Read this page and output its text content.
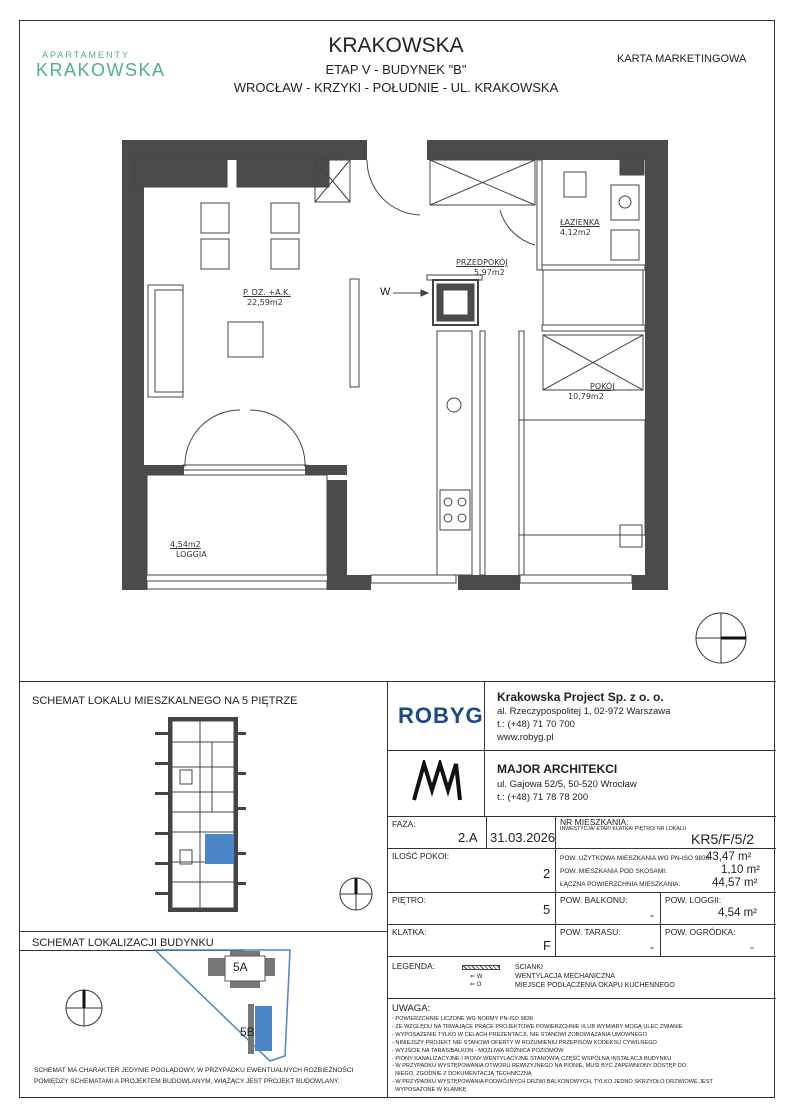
APARTAMENTY
KRAKOWSKA
KRAKOWSKA
ETAP V - BUDYNEK "B"
WROCŁAW - KRZYKI - POŁUDNIE - UL. KRAKOWSKA
KARTA MARKETINGOWA
W
P. DZ. +A.K.
22,59m2
ŁAZIENKA
4,12m2
PRZEDPOKÓJ
5,97m2
POKÓJ
10,79m2
4,54m2
LOGGIA
SCHEMAT LOKALU MIESZKALNEGO NA 5 PIĘTRZE
SCHEMAT LOKALIZACJI BUDYNKU
5A
5B
SCHEMAT MA CHARAKTER JEDYNIE POGLĄDOWY, W PRZYPADKU EWENTUALNYCH ROZBIEŻNOŚCI
POMIĘDZY SCHEMATAMI A PROJEKTEM BUDOWLANYM, WIĄŻĄCY JEST PROJEKT BUDOWLANY.
ROBYG
Krakowska Project Sp. z o. o.
al. Rzeczypospolitej 1, 02-972 Warszawa
t.: (+48) 71 70 700
www.robyg.pl
MAJOR ARCHITEKCI
ul. Gajowa 52/5, 50-520 Wrocław
t.: (+48) 71 78 78 200
FAZA:
2.A 31.03.2026
NR MIESZKANIA:
INWESTYCJA/ ETAP/ KLATKA/ PIĘTRO/ NR LOKALU
KR5/F/5/2
ILOŚĆ POKOI:
2
POW. UŻYTKOWA MIESZKANIA WG PN-ISO 9836:
43,47 m²
POW. MIESZKANIA POD SKOSAMI:	1,10 m²
ŁĄCZNA POWIERZCHNIA MIESZKANIA:	44,57 m²
PIĘTRO:
5
POW. BALKONU:
-
POW. LOGGII:
4,54 m²
KLATKA:
F
POW. TARASU:
-
POW. OGRÓDKA:
-
LEGENDA:
⇐ W
⇐ O
ŚCIANKI
WENTYLACJA MECHANICZNA
MIEJSCE PODŁĄCZENIA OKAPU KUCHENNEGO
UWAGA:
- POWIERZCHNIE LICZONE WG NORMY PN-ISO 9836
- ZE WZGLĘDU NA TRWAJĄCE PRACE PROJEKTOWE POWIERZCHNIE I/LUB WYMIARY MOGĄ ULEC ZMIANIE
- WYPOSAŻENIE TYLKO W CELACH PREZENTACJI, NIE STANOWI ZOBOWIĄZANIA UMOWNEGO
- NINIEJSZY PROJEKT NIE STANOWI OFERTY W ROZUMIENIU PRZEPISÓW KODEKSU CYWILNEGO
- WYJŚCIE NA TARAS/BALKON - MOŻLIWA RÓŻNICA POZIOMÓW
- PIONY KANALIZACYJNE I PIONY WENTYLACYJNE STANOWIĄ CZĘŚĆ WSPÓLNĄ INSTALACJI BUDYNKU
- W PRZYPADKU WYSTĘPOWANIA OTWORU REWIZYJNEGO NA PIONIE, MUSI BYĆ ZAPEWNIONY DOSTĘP DO
NIEGO, ZGODNIE Z DOKUMENTACJĄ TECHNICZNĄ
- W PRZYPADKU WYSTĘPOWANIA PODWÓJNYCH DRZWI BALKONOWYCH, TYLKO JEDNO SKRZYDŁO DRZWIOWE JEST
WYPOSAŻONE W KLAMKĘ
